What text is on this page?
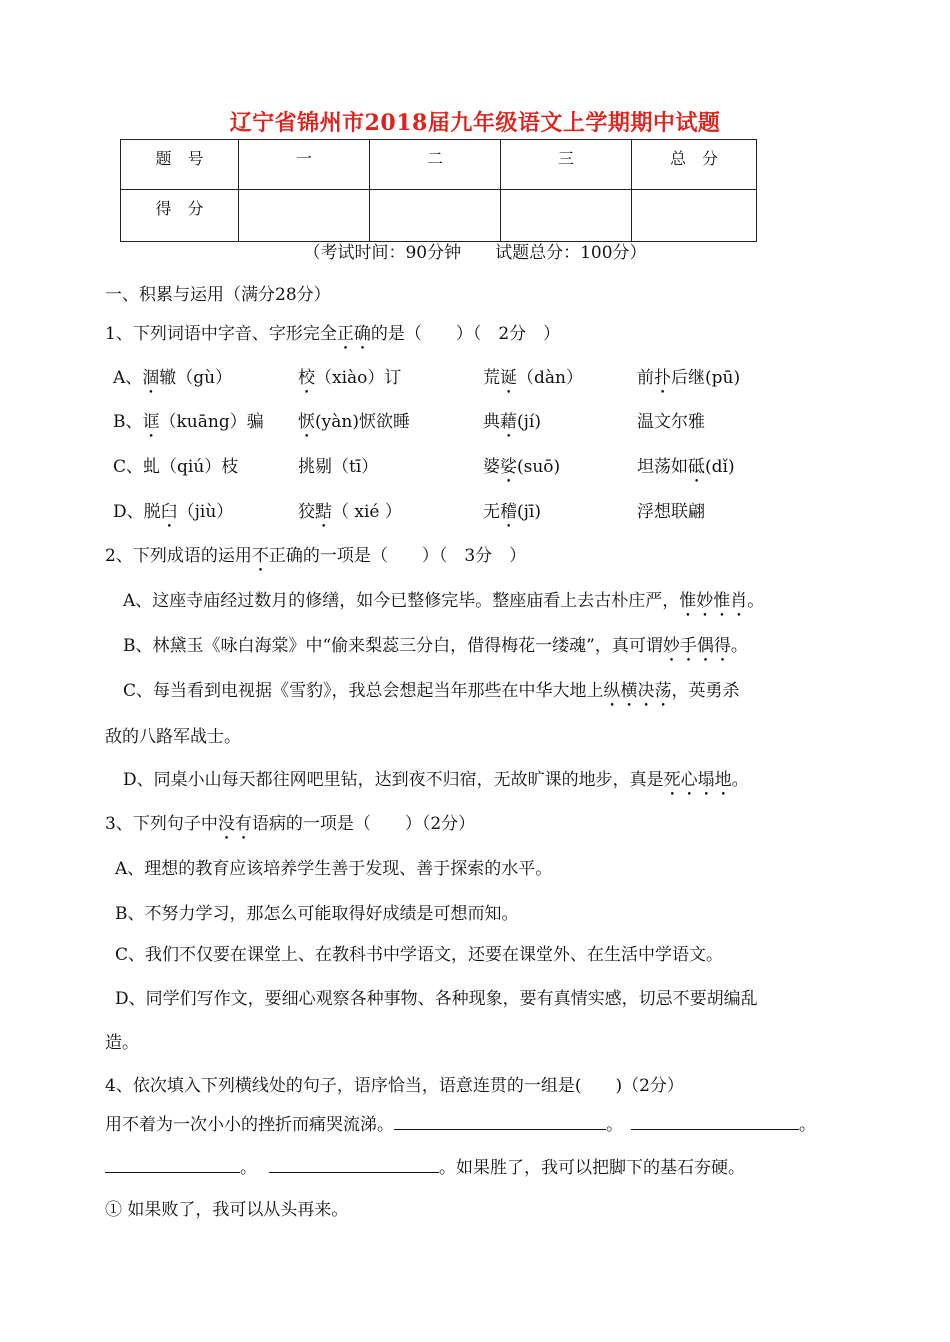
辽宁省锦州市2018届九年级语文上学期期中试题
题　号	一	二	三	总　分
得　分				
（考试时间：90分钟　　试题总分：100分）
一、积累与运用（满分28分）
1、下列词语中字音、字形完全正确的是（　　）（　2分　）
A、涸辙（gù）	校（xiào）订	荒诞（dàn）	前扑后继(pū)
B、诓（kuāng）骗 恹(yàn)恹欲睡	典藉(jí)	温文尔雅
C、虬（qiú）枝	挑剔（tī）	婆娑(suō)	坦荡如砥(dǐ)
D、脱臼（jiù）	狡黠（ xié ）	无稽(jī)	浮想联翩
2、下列成语的运用不正确的一项是（　　）（　3分　）
A、这座寺庙经过数月的修缮，如今已整修完毕。整座庙看上去古朴庄严，惟妙惟肖。
B、林黛玉《咏白海棠》中“偷来梨蕊三分白，借得梅花一缕魂”，真可谓妙手偶得。
C、每当看到电视据《雪豹》，我总会想起当年那些在中华大地上纵横决荡，英勇杀
敌的八路军战士。
D、同桌小山每天都往网吧里钻，达到夜不归宿，无故旷课的地步，真是死心塌地。
3、下列句子中没有语病的一项是（　　）（2分）
A、理想的教育应该培养学生善于发现、善于探索的水平。
B、不努力学习，那怎么可能取得好成绩是可想而知。
C、我们不仅要在课堂上、在教科书中学语文，还要在课堂外、在生活中学语文。
D、同学们写作文，要细心观察各种事物、各种现象，要有真情实感，切忌不要胡编乱
造。
4、依次填入下列横线处的句子，语序恰当，语意连贯的一组是(　　)（2分）
用不着为一次小小的挫折而痛哭流涕。	。	。
。	。如果胜了，我可以把脚下的基石夯硬。
① 如果败了，我可以从头再来。
